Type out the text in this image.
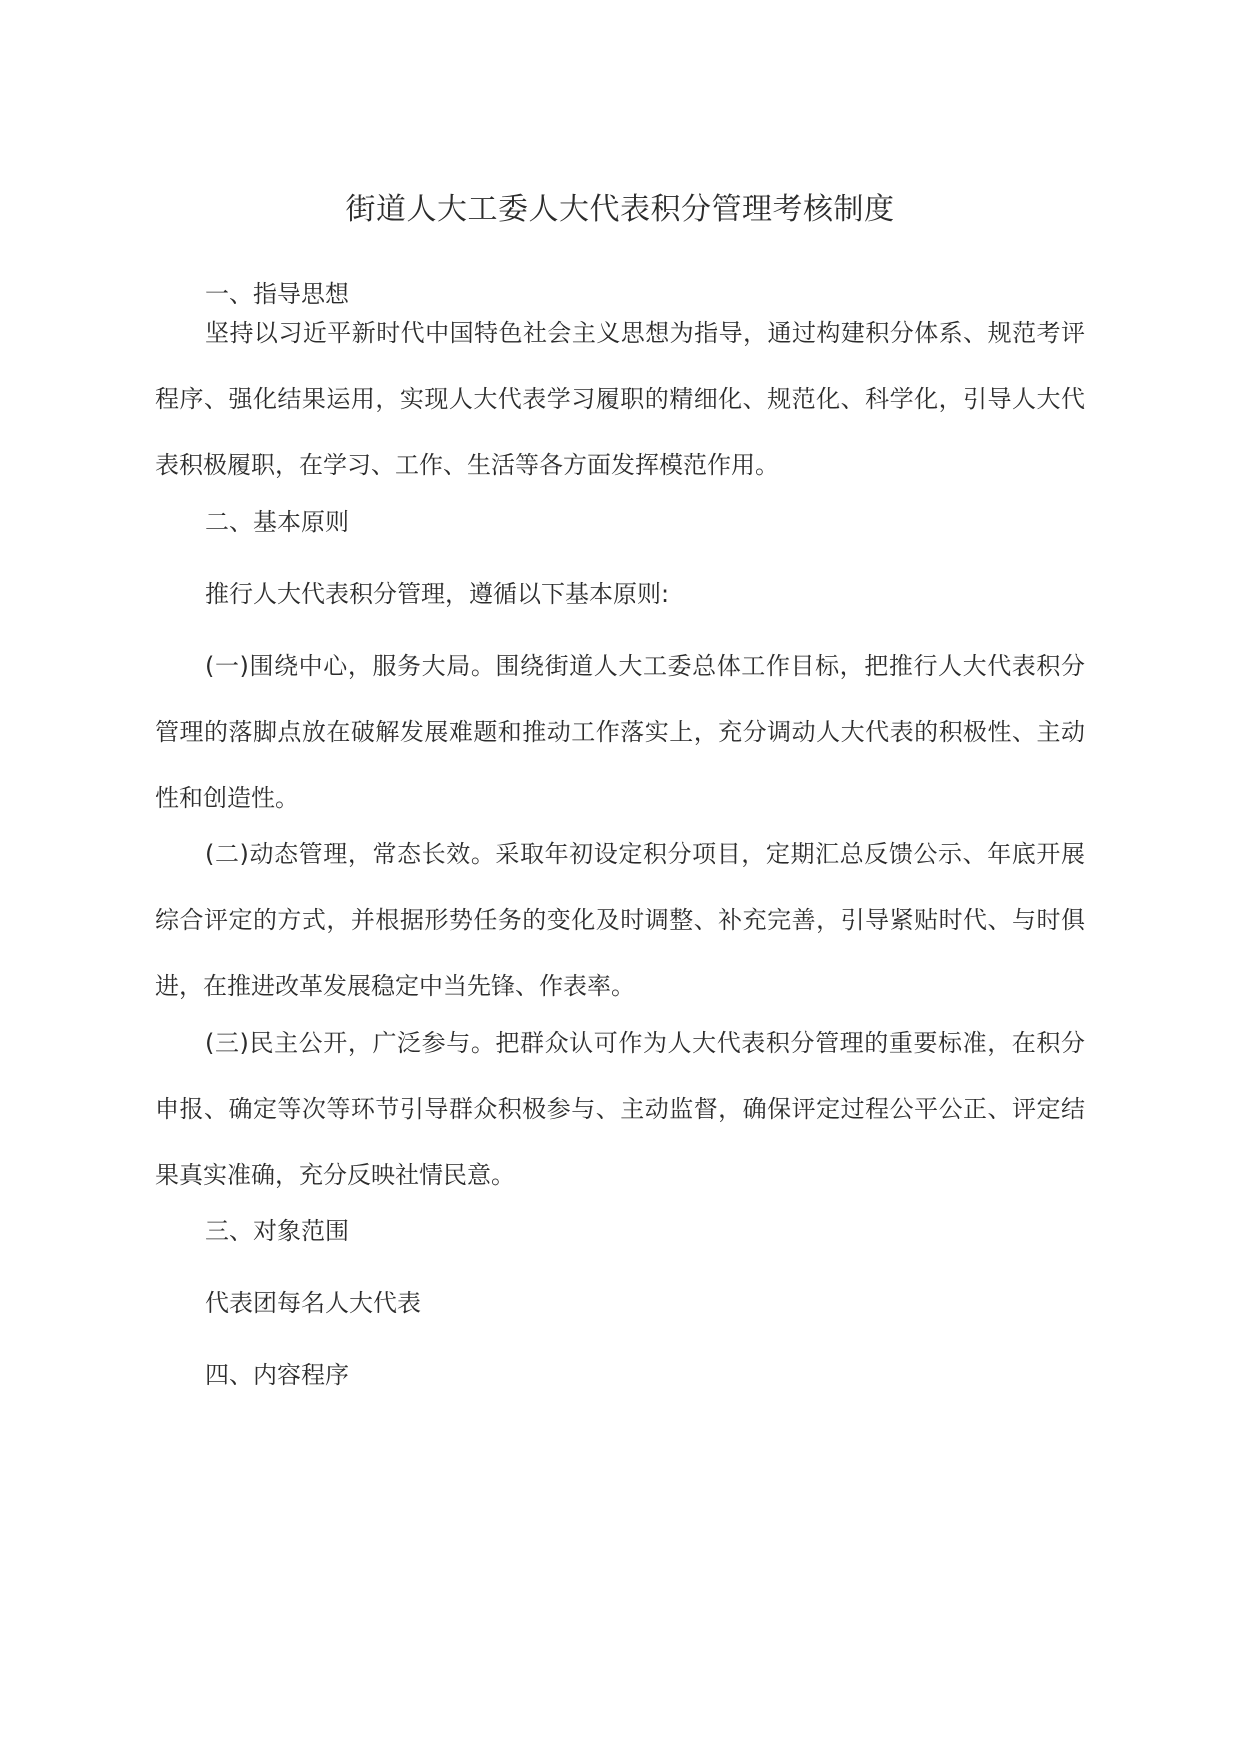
街道人大工委人大代表积分管理考核制度

一、指导思想

坚持以习近平新时代中国特色社会主义思想为指导，通过构建积分体系、规范考评程序、强化结果运用，实现人大代表学习履职的精细化、规范化、科学化，引导人大代表积极履职，在学习、工作、生活等各方面发挥模范作用。

二、基本原则

推行人大代表积分管理，遵循以下基本原则:

(一)围绕中心，服务大局。围绕街道人大工委总体工作目标，把推行人大代表积分管理的落脚点放在破解发展难题和推动工作落实上，充分调动人大代表的积极性、主动性和创造性。

(二)动态管理，常态长效。采取年初设定积分项目，定期汇总反馈公示、年底开展综合评定的方式，并根据形势任务的变化及时调整、补充完善，引导紧贴时代、与时俱进，在推进改革发展稳定中当先锋、作表率。

(三)民主公开，广泛参与。把群众认可作为人大代表积分管理的重要标准，在积分申报、确定等次等环节引导群众积极参与、主动监督，确保评定过程公平公正、评定结果真实准确，充分反映社情民意。

三、对象范围

代表团每名人大代表

四、内容程序
